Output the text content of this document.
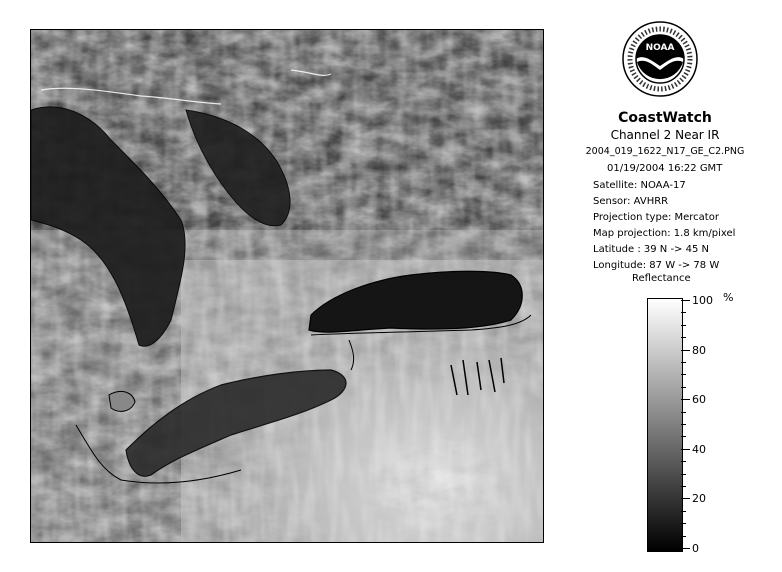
NOAA
CoastWatch
Channel 2 Near IR
2004_019_1622_N17_GE_C2.PNG
01/19/2004 16:22 GMT
Satellite: NOAA-17
Sensor: AVHRR
Projection type: Mercator
Map projection: 1.8 km/pixel
Latitude : 39 N -> 45 N
Longitude: 87 W -> 78 W
Reflectance
%
100
80
60
40
20
0
